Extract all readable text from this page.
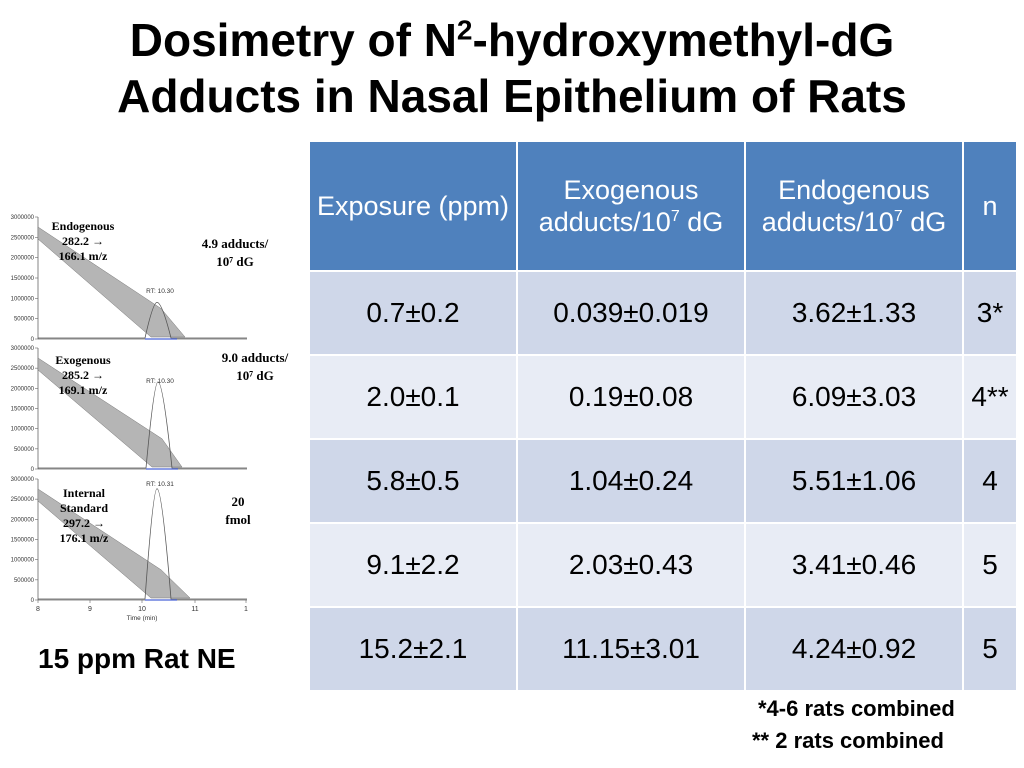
Dosimetry of $N^2-hydroxymethyl-dG$
Adducts in Nasal Epithelium of Rats
3000000
2500000
2000000
1500000
1000000
500000
0
RT: 10.30
Endogenous
282.2 →
166.1 m/z
4.9 adducts/
10⁷ dG
3000000
2500000
2000000
1500000
1000000
500000
0
RT: 10.30
Exogenous
285.2 →
169.1 m/z
9.0 adducts/
10⁷ dG
3000000
2500000
2000000
1500000
1000000
500000
0
RT: 10.31
Internal
Standard
297.2 →
176.1 m/z
20
fmol
8	9	10	11	1
Time (min)
15 ppm Rat NE
Exposure (ppm)	Exogenous adducts/$10^7$ dG	Endogenous adducts/$10^7$ dG	n
0.7±0.2	0.039±0.019	3.62±1.33	3*
2.0±0.1	0.19±0.08	6.09±3.03	4**
5.8±0.5	1.04±0.24	5.51±1.06	4
9.1±2.2	2.03±0.43	3.41±0.46	5
15.2±2.1	11.15±3.01	4.24±0.92	5
*4-6 rats combined
** 2 rats combined
